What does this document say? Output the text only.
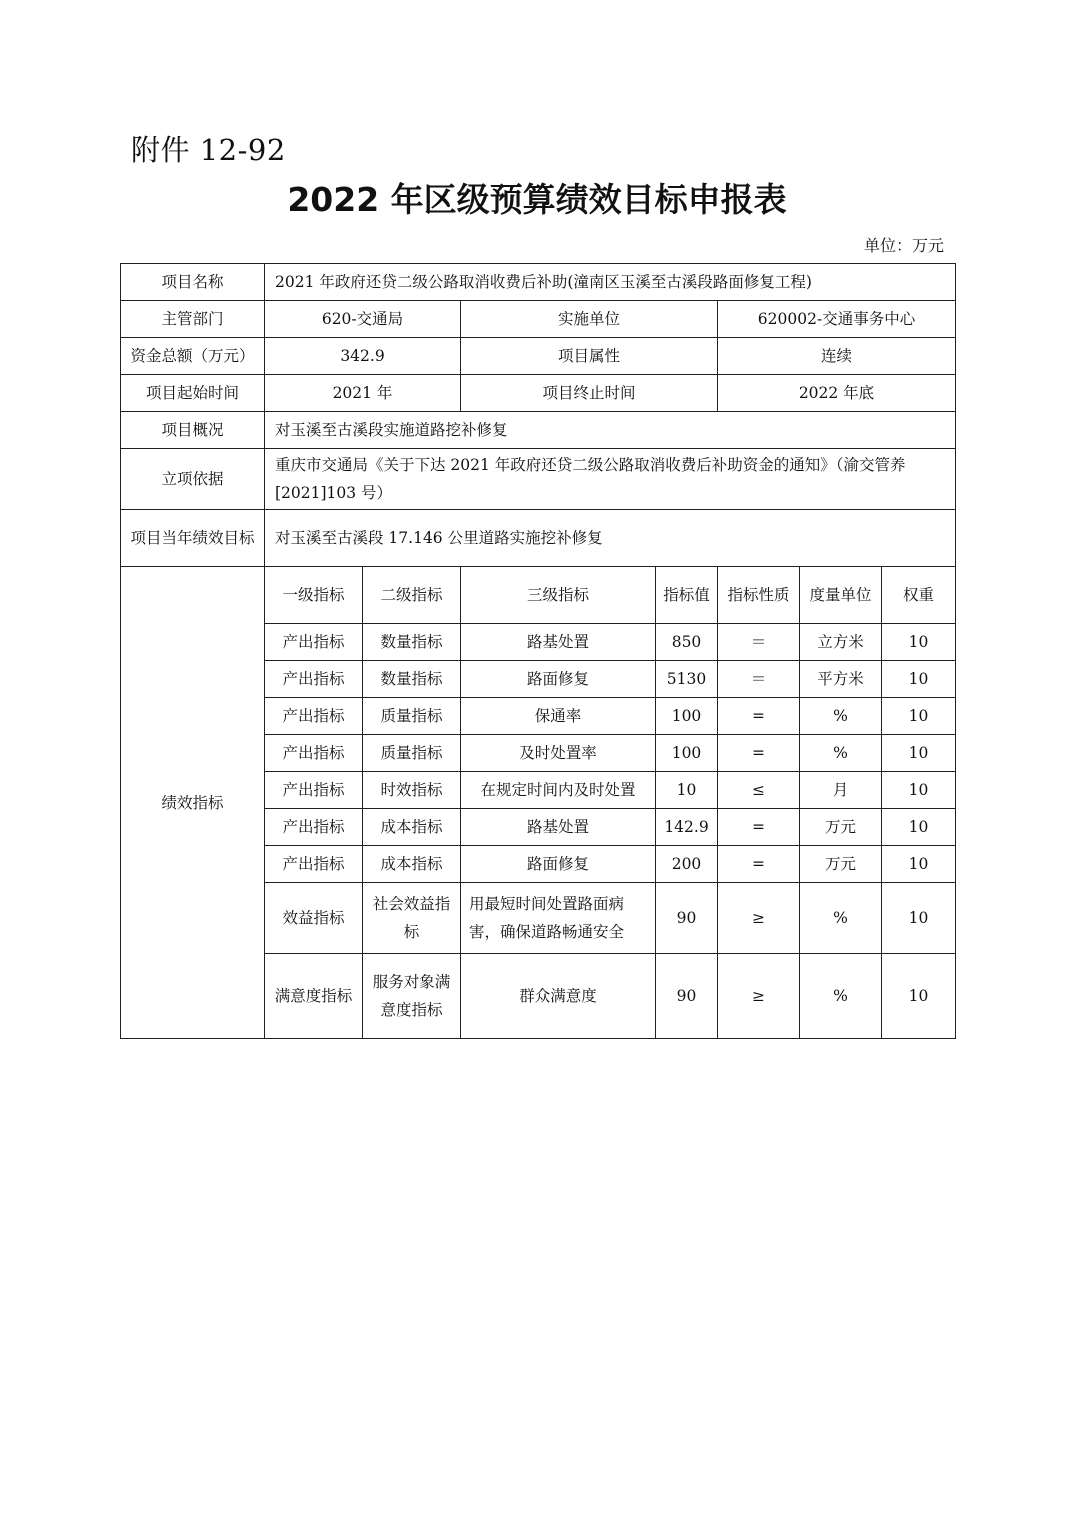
附件 12-92
2022 年区级预算绩效目标申报表
单位：万元
项目名称	2021 年政府还贷二级公路取消收费后补助(潼南区玉溪至古溪段路面修复工程)						
主管部门	620-交通局		实施单位		620002-交通事务中心		
资金总额（万元）	342.9		项目属性		连续		
项目起始时间	2021 年		项目终止时间		2022 年底		
项目概况	对玉溪至古溪段实施道路挖补修复						
立项依据	重庆市交通局《关于下达 2021 年政府还贷二级公路取消收费后补助资金的通知》（渝交管养[2021]103 号）						
项目当年绩效目标	对玉溪至古溪段 17.146 公里道路实施挖补修复						
绩效指标	一级指标	二级指标	三级指标	指标值	指标性质	度量单位	权重
	产出指标	数量指标	路基处置	850	＝	立方米	10
	产出指标	数量指标	路面修复	5130	＝	平方米	10
	产出指标	质量指标	保通率	100	=	%	10
	产出指标	质量指标	及时处置率	100	=	%	10
	产出指标	时效指标	在规定时间内及时处置	10	≤	月	10
	产出指标	成本指标	路基处置	142.9	=	万元	10
	产出指标	成本指标	路面修复	200	=	万元	10
	效益指标	社会效益指标	用最短时间处置路面病害，确保道路畅通安全	90	≥	%	10
	满意度指标	服务对象满意度指标	群众满意度	90	≥	%	10
